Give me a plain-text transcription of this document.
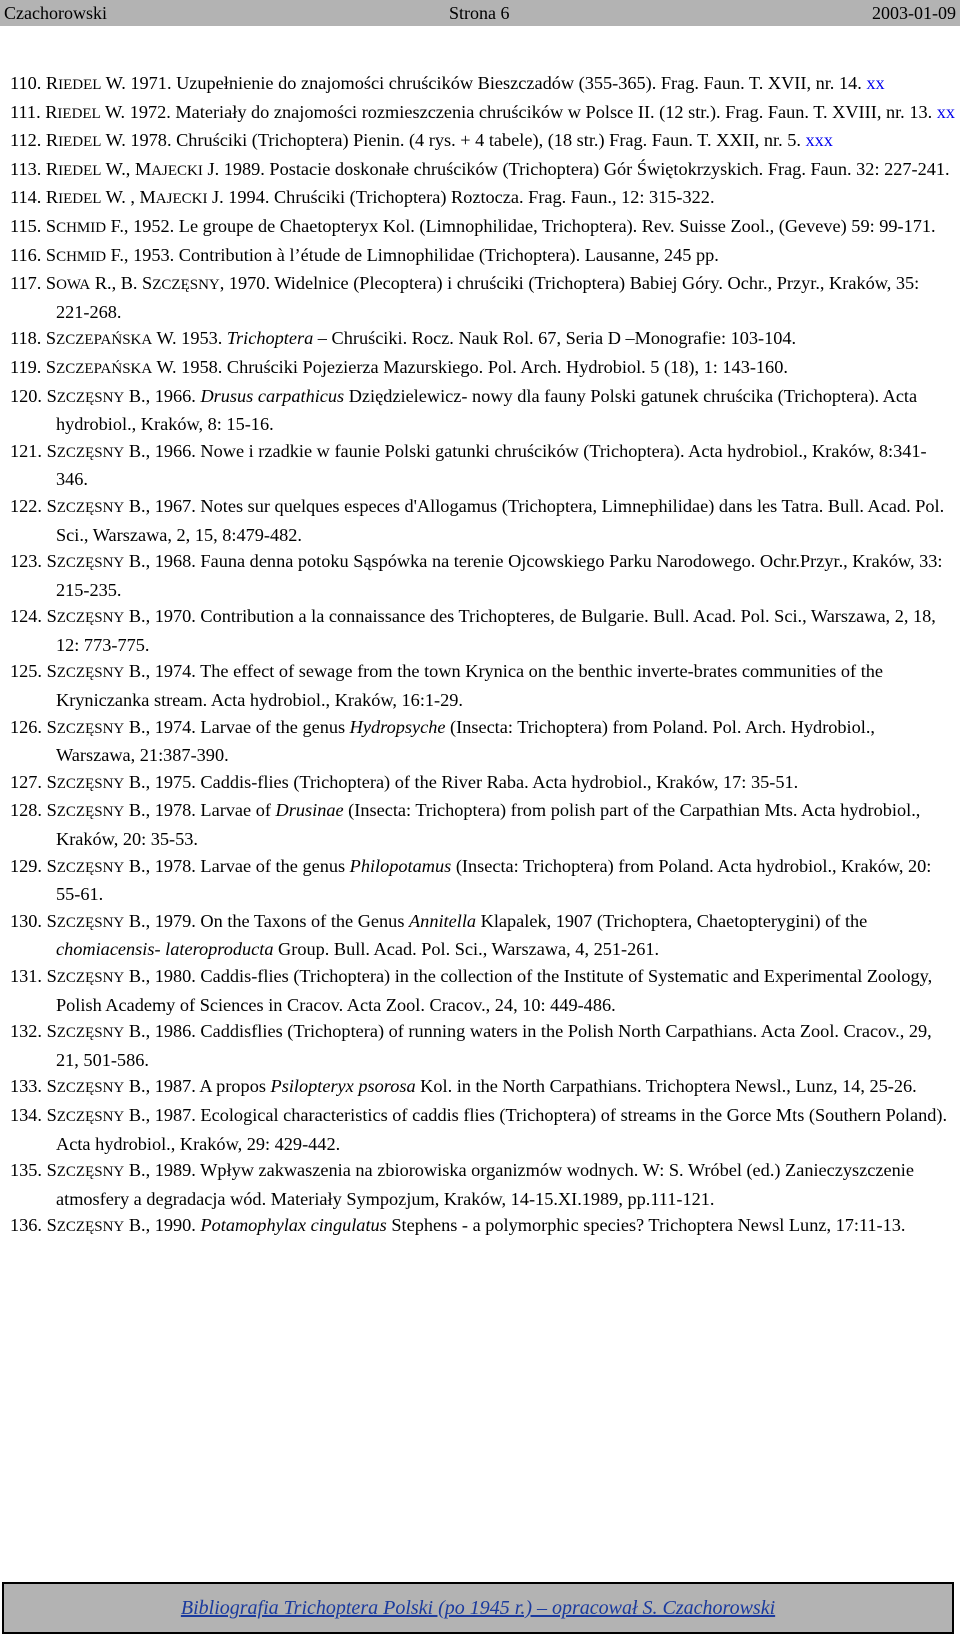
Czachorowski	Strona 6	2003-01-09

110. RIEDEL W. 1971. Uzupełnienie do znajomości chruścików Bieszczadów (355-365). Frag. Faun. T. XVII, nr. 14. xx

111. RIEDEL W. 1972. Materiały do znajomości rozmieszczenia chruścików w Polsce II. (12 str.). Frag. Faun. T. XVIII, nr. 13. xx

112. RIEDEL W. 1978. Chruściki (Trichoptera) Pienin. (4 rys. + 4 tabele), (18 str.) Frag. Faun. T. XXII, nr. 5. xxx

113. RIEDEL W., MAJECKI J. 1989. Postacie doskonałe chruścików (Trichoptera) Gór Świętokrzyskich. Frag. Faun. 32: 227-241.

114. RIEDEL W. , MAJECKI J. 1994. Chruściki (Trichoptera) Roztocza. Frag. Faun., 12: 315-322.

115. SCHMID F., 1952. Le groupe de Chaetopteryx Kol. (Limnophilidae, Trichoptera). Rev. Suisse Zool., (Geveve) 59: 99-171.

116. SCHMID F., 1953. Contribution à l’étude de Limnophilidae (Trichoptera). Lausanne, 245 pp.

117. SOWA R., B. SZCZĘSNY, 1970. Widelnice (Plecoptera) i chruściki (Trichoptera) Babiej Góry. Ochr., Przyr., Kraków, 35: 221-268.

118. SZCZEPAŃSKA W. 1953. Trichoptera – Chruściki. Rocz. Nauk Rol. 67, Seria D –Monografie: 103-104.

119. SZCZEPAŃSKA W. 1958. Chruściki Pojezierza Mazurskiego. Pol. Arch. Hydrobiol. 5 (18), 1: 143-160.

120. SZCZĘSNY B., 1966. Drusus carpathicus Dziędzielewicz- nowy dla fauny Polski gatunek chruścika (Trichoptera). Acta hydrobiol., Kraków, 8: 15-16.

121. SZCZĘSNY B., 1966. Nowe i rzadkie w faunie Polski gatunki chruścików (Trichoptera). Acta hydrobiol., Kraków, 8:341-346.

122. SZCZĘSNY B., 1967. Notes sur quelques especes d'Allogamus (Trichoptera, Limnephilidae) dans les Tatra. Bull. Acad. Pol. Sci., Warszawa, 2, 15, 8:479-482.

123. SZCZĘSNY B., 1968. Fauna denna potoku Sąspówka na terenie Ojcowskiego Parku Narodowego. Ochr.Przyr., Kraków, 33: 215-235.

124. SZCZĘSNY B., 1970. Contribution a la connaissance des Trichopteres, de Bulgarie. Bull. Acad. Pol. Sci., Warszawa, 2, 18, 12: 773-775.

125. SZCZĘSNY B., 1974. The effect of sewage from the town Krynica on the benthic inverte-brates communities of the Kryniczanka stream. Acta hydrobiol., Kraków, 16:1-29.

126. SZCZĘSNY B., 1974. Larvae of the genus Hydropsyche (Insecta: Trichoptera) from Poland. Pol. Arch. Hydrobiol., Warszawa, 21:387-390.

127. SZCZĘSNY B., 1975. Caddis-flies (Trichoptera) of the River Raba. Acta hydrobiol., Kraków, 17: 35-51.

128. SZCZĘSNY B., 1978. Larvae of Drusinae (Insecta: Trichoptera) from polish part of the Carpathian Mts. Acta hydrobiol., Kraków, 20: 35-53.

129. SZCZĘSNY B., 1978. Larvae of the genus Philopotamus (Insecta: Trichoptera) from Poland. Acta hydrobiol., Kraków, 20: 55-61.

130. SZCZĘSNY B., 1979. On the Taxons of the Genus Annitella Klapalek, 1907 (Trichoptera, Chaetopterygini) of the chomiacensis- lateroproducta Group. Bull. Acad. Pol. Sci., Warszawa, 4, 251-261.

131. SZCZĘSNY B., 1980. Caddis-flies (Trichoptera) in the collection of the Institute of Systematic and Experimental Zoology, Polish Academy of Sciences in Cracov. Acta Zool. Cracov., 24, 10: 449-486.

132. SZCZĘSNY B., 1986. Caddisflies (Trichoptera) of running waters in the Polish North Carpathians. Acta Zool. Cracov., 29, 21, 501-586.

133. SZCZĘSNY B., 1987. A propos Psilopteryx psorosa Kol. in the North Carpathians. Trichoptera Newsl., Lunz, 14, 25-26.

134. SZCZĘSNY B., 1987. Ecological characteristics of caddis flies (Trichoptera) of streams in the Gorce Mts (Southern Poland). Acta hydrobiol., Kraków, 29: 429-442.

135. SZCZĘSNY B., 1989. Wpływ zakwaszenia na zbiorowiska organizmów wodnych. W: S. Wróbel (ed.) Zanieczyszczenie atmosfery a degradacja wód. Materiały Sympozjum, Kraków, 14-15.XI.1989, pp.111-121.

136. SZCZĘSNY B., 1990. Potamophylax cingulatus Stephens - a polymorphic species? Trichoptera Newsl Lunz, 17:11-13.

Bibliografia Trichoptera Polski (po 1945 r.) – opracował S. Czachorowski
